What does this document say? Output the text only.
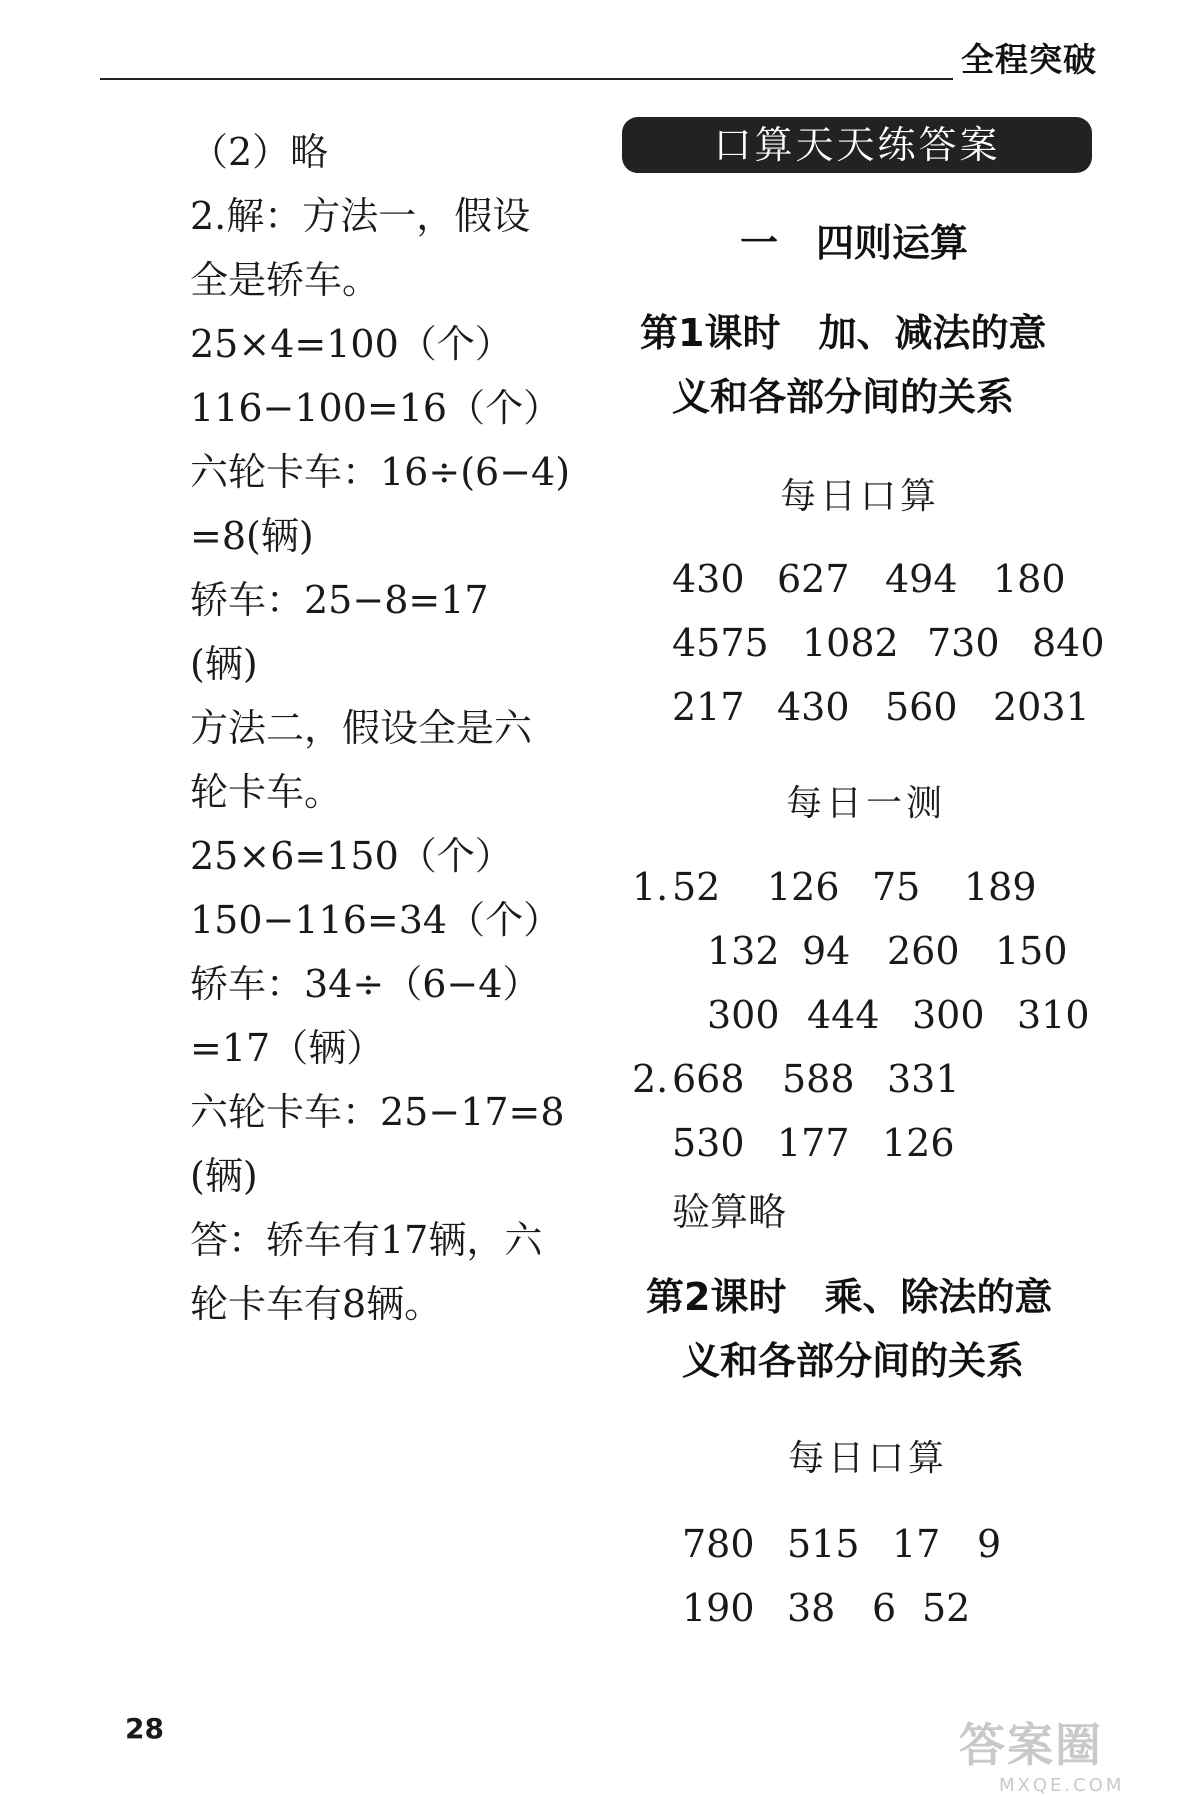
全程突破
（2）略
2.解：方法一，假设
全是轿车。
25×4=100（个）
116−100=16（个）
六轮卡车：16÷(6−4)
=8(辆)
轿车：25−8=17
(辆)
方法二，假设全是六
轮卡车。
25×6=150（个）
150−116=34（个）
轿车：34÷（6−4）
=17（辆）
六轮卡车：25−17=8
(辆)
答：轿车有17辆，六
轮卡车有8辆。
口算天天练答案
一　四则运算
第1课时　加、减法的意
义和各部分间的关系
每日口算
430 627 494 180
4575 1082 730 840
217 430 560 2031
每日一测
1. 52	126 75	189
132 94 260 150
300 444 300 310
2. 668 588 331
530 177 126
验算略
第2课时　乘、除法的意
义和各部分间的关系
每日口算
780 515 17 9
190 38 6 52
28	答案圈
MXQE.COM
